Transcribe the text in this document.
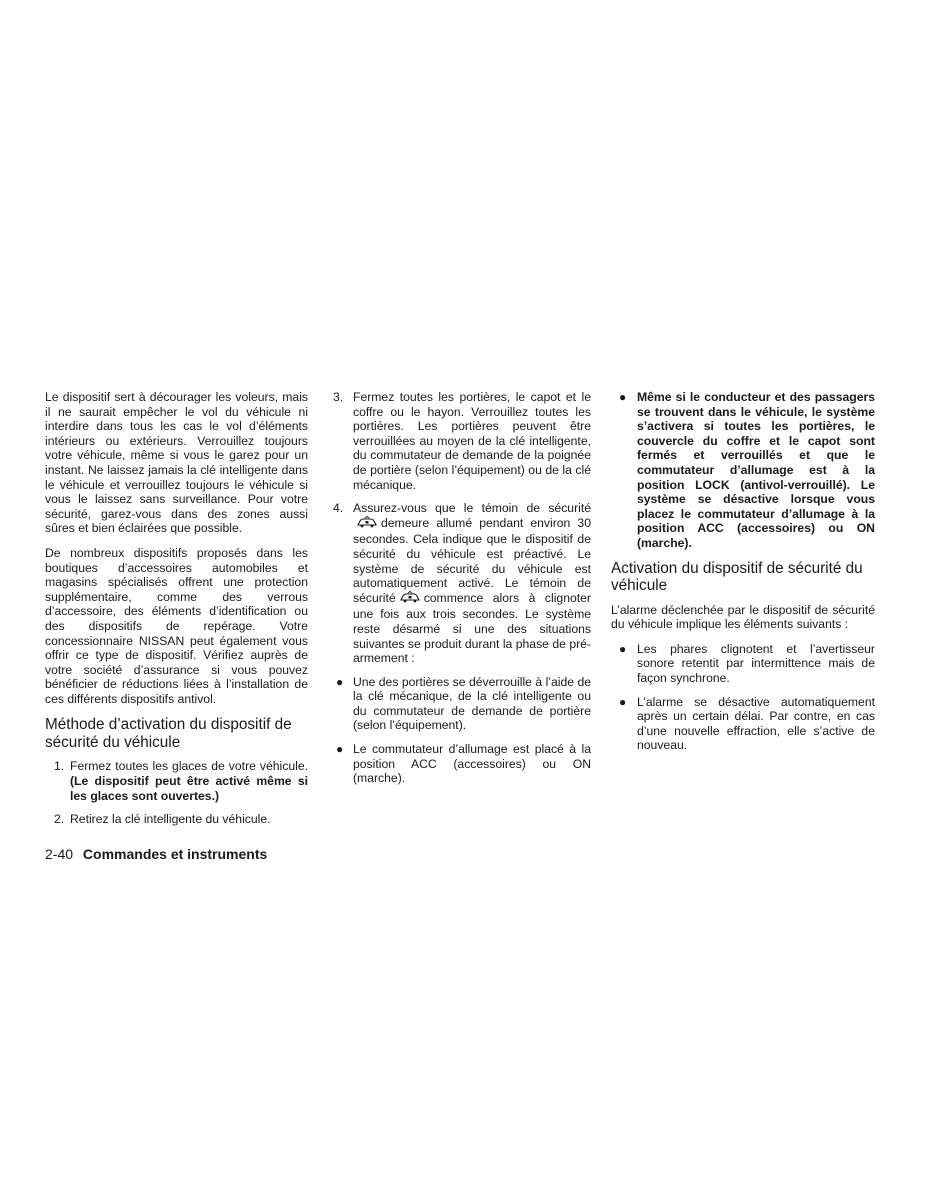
Le dispositif sert à décourager les voleurs, mais il ne saurait empêcher le vol du véhicule ni interdire dans tous les cas le vol d’éléments intérieurs ou extérieurs. Verrouillez toujours votre véhicule, même si vous le garez pour un instant. Ne laissez jamais la clé intelligente dans le véhicule et verrouillez toujours le véhicule si vous le laissez sans surveillance. Pour votre sécurité, garez-vous dans des zones aussi sûres et bien éclairées que possible.

De nombreux dispositifs proposés dans les boutiques d’accessoires automobiles et magasins spécialisés offrent une protection supplémentaire, comme des verrous d’accessoire, des éléments d’identification ou des dispositifs de repérage. Votre concessionnaire NISSAN peut également vous offrir ce type de dispositif. Vérifiez auprès de votre société d’assurance si vous pouvez bénéficier de réductions liées à l’installation de ces différents dispositifs antivol.

Méthode d’activation du dispositif de sécurité du véhicule
1. Fermez toutes les glaces de votre véhicule. (Le dispositif peut être activé même si les glaces sont ouvertes.)
2. Retirez la clé intelligente du véhicule.
3. Fermez toutes les portières, le capot et le coffre ou le hayon. Verrouillez toutes les portières. Les portières peuvent être verrouillées au moyen de la clé intelligente, du commutateur de demande de la poignée de portière (selon l’équipement) ou de la clé mécanique.
4. Assurez-vous que le témoin de sécuritédemeure allumé pendant environ 30 secondes. Cela indique que le dispositif de sécurité du véhicule est préactivé. Le système de sécurité du véhicule est automatiquement activé. Le témoin de sécurité commence alors à clignoter une fois aux trois secondes. Le système reste désarmé si une des situations suivantes se produit durant la phase de pré-armement :
● Une des portières se déverrouille à l’aide de la clé mécanique, de la clé intelligente ou du commutateur de demande de portière (selon l’équipement).
● Le commutateur d’allumage est placé à la position ACC (accessoires) ou ON (marche).
● Même si le conducteur et des passagers se trouvent dans le véhicule, le système s’activera si toutes les portières, le couvercle du coffre et le capot sont fermés et verrouillés et que le commutateur d’allumage est à la position LOCK (antivol-verrouillé). Le système se désactive lorsque vous placez le commutateur d’allumage à la position ACC (accessoires) ou ON (marche).
Activation du dispositif de sécurité du véhicule

L’alarme déclenchée par le dispositif de sécurité du véhicule implique les éléments suivants :

● Les phares clignotent et l’avertisseur sonore retentit par intermittence mais de façon synchrone.
● L’alarme se désactive automatiquement après un certain délai. Par contre, en cas d’une nouvelle effraction, elle s’active de nouveau.
2-40 Commandes et instruments
